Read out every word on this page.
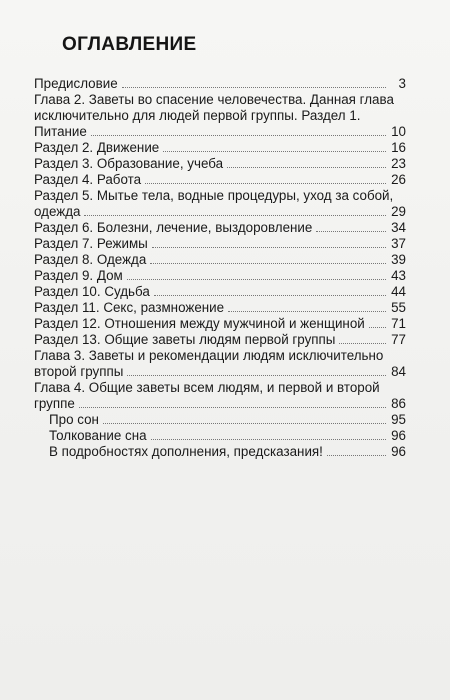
ОГЛАВЛЕНИЕ
Предисловие	3
Глава 2. Заветы во спасение человечества. Данная глава
исключительно для людей первой группы. Раздел 1.
Питание	10
Раздел 2. Движение	16
Раздел 3. Образование, учеба	23
Раздел 4. Работа	26
Раздел 5. Мытье тела, водные процедуры, уход за собой,
одежда	29
Раздел 6. Болезни, лечение, выздоровление	34
Раздел 7. Режимы	37
Раздел 8. Одежда	39
Раздел 9. Дом	43
Раздел 10. Судьба	44
Раздел 11. Секс, размножение	55
Раздел 12. Отношения между мужчиной и женщиной 71
Раздел 13. Общие заветы людям первой группы	77
Глава 3. Заветы и рекомендации людям исключительно
второй группы	84
Глава 4. Общие заветы всем людям, и первой и второй
группе	86
Про сон	95
Толкование сна	96
В подробностях дополнения, предсказания!	96
